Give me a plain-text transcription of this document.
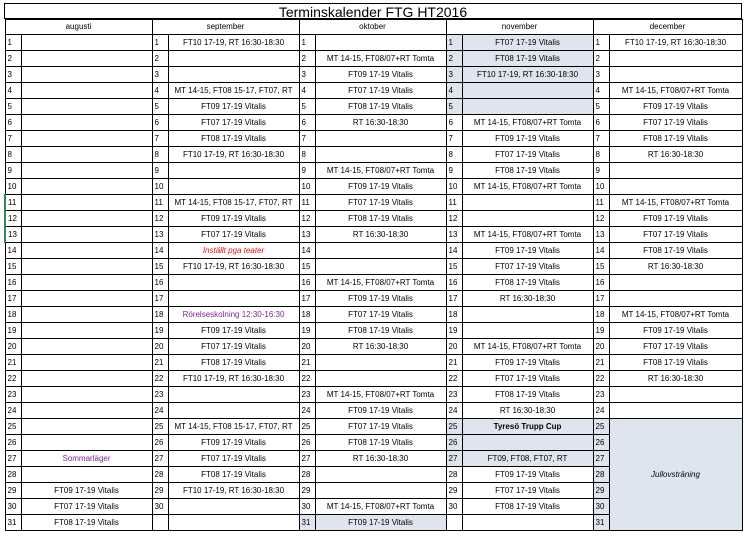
Terminskalender FTG HT2016
augusti		september		oktober		november		december	
1		1	FT10 17-19, RT 16:30-18:30	1		1	FT07 17-19 Vitalis	1	FT10 17-19, RT 16:30-18:30
2		2		2	MT 14-15, FT08/07+RT Tomta	2	FT08 17-19 Vitalis	2	
3		3		3	FT09 17-19 Vitalis	3	FT10 17-19, RT 16:30-18:30	3	
4		4	MT 14-15, FT08 15-17, FT07, RT	4	FT07 17-19 Vitalis	4		4	MT 14-15, FT08/07+RT Tomta
5		5	FT09 17-19 Vitalis	5	FT08 17-19 Vitalis	5		5	FT09 17-19 Vitalis
6		6	FT07 17-19 Vitalis	6	RT 16:30-18:30	6	MT 14-15, FT08/07+RT Tomta	6	FT07 17-19 Vitalis
7		7	FT08 17-19 Vitalis	7		7	FT09 17-19 Vitalis	7	FT08 17-19 Vitalis
8		8	FT10 17-19, RT 16:30-18:30	8		8	FT07 17-19 Vitalis	8	RT 16:30-18:30
9		9		9	MT 14-15, FT08/07+RT Tomta	9	FT08 17-19 Vitalis	9	
10		10		10	FT09 17-19 Vitalis	10	MT 14-15, FT08/07+RT Tomta	10	
11		11	MT 14-15, FT08 15-17, FT07, RT	11	FT07 17-19 Vitalis	11		11	MT 14-15, FT08/07+RT Tomta
12		12	FT09 17-19 Vitalis	12	FT08 17-19 Vitalis	12		12	FT09 17-19 Vitalis
13		13	FT07 17-19 Vitalis	13	RT 16:30-18:30	13	MT 14-15, FT08/07+RT Tomta	13	FT07 17-19 Vitalis
14		14	Inställt pga teater	14		14	FT09 17-19 Vitalis	14	FT08 17-19 Vitalis
15		15	FT10 17-19, RT 16:30-18:30	15		15	FT07 17-19 Vitalis	15	RT 16:30-18:30
16		16		16	MT 14-15, FT08/07+RT Tomta	16	FT08 17-19 Vitalis	16	
17		17		17	FT09 17-19 Vitalis	17	RT 16:30-18:30	17	
18		18	Rörelseskolning 12:30-16:30	18	FT07 17-19 Vitalis	18		18	MT 14-15, FT08/07+RT Tomta
19		19	FT09 17-19 Vitalis	19	FT08 17-19 Vitalis	19		19	FT09 17-19 Vitalis
20		20	FT07 17-19 Vitalis	20	RT 16:30-18:30	20	MT 14-15, FT08/07+RT Tomta	20	FT07 17-19 Vitalis
21		21	FT08 17-19 Vitalis	21		21	FT09 17-19 Vitalis	21	FT08 17-19 Vitalis
22		22	FT10 17-19, RT 16:30-18:30	22		22	FT07 17-19 Vitalis	22	RT 16:30-18:30
23		23		23	MT 14-15, FT08/07+RT Tomta	23	FT08 17-19 Vitalis	23	
24		24		24	FT09 17-19 Vitalis	24	RT 16:30-18:30	24	
25		25	MT 14-15, FT08 15-17, FT07, RT	25	FT07 17-19 Vitalis	25	Tyresö Trupp Cup	25	Jullovsträning
26		26	FT09 17-19 Vitalis	26	FT08 17-19 Vitalis	26		26	
27	Sommarläger	27	FT07 17-19 Vitalis	27	RT 16:30-18:30	27	FT09, FT08, FT07, RT	27	
28		28	FT08 17-19 Vitalis	28		28	FT09 17-19 Vitalis	28	
29	FT09 17-19 Vitalis	29	FT10 17-19, RT 16:30-18:30	29		29	FT07 17-19 Vitalis	29	
30	FT07 17-19 Vitalis	30		30	MT 14-15, FT08/07+RT Tomta	30	FT08 17-19 Vitalis	30	
31	FT08 17-19 Vitalis			31	FT09 17-19 Vitalis			31	
